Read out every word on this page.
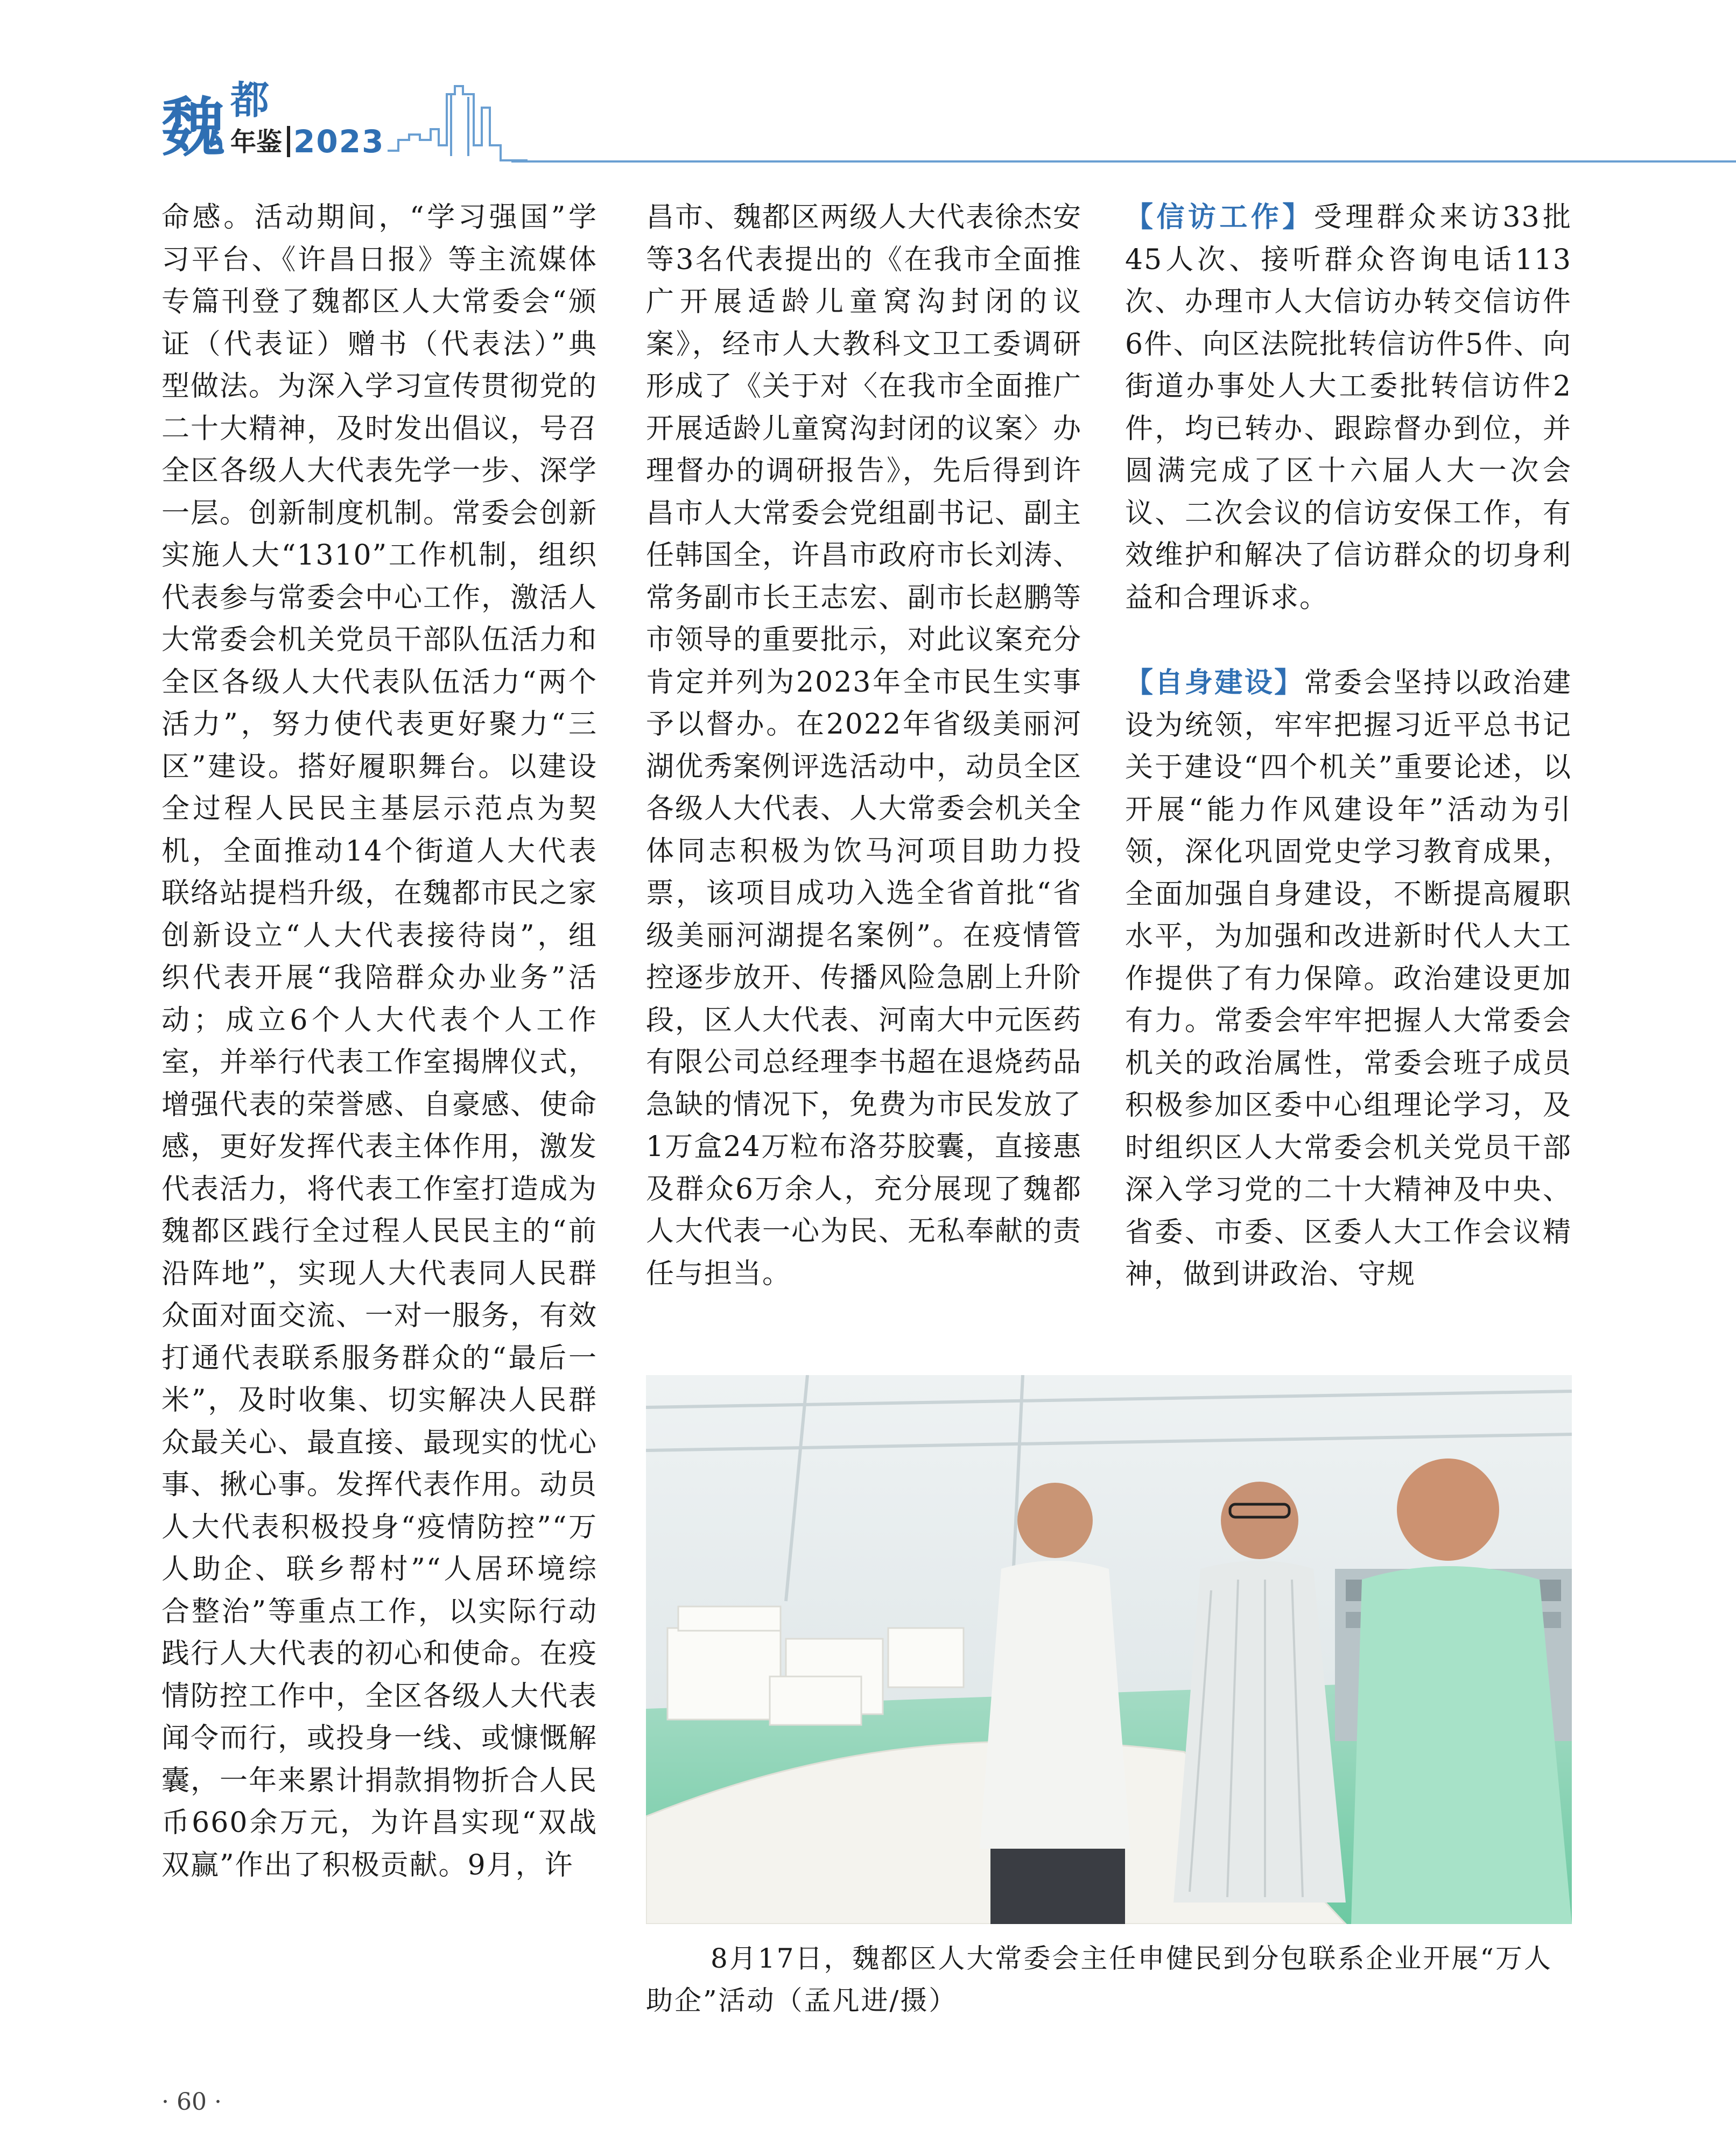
魏 都
年鉴 2023

命感。活动期间，“学习强国”学习平台、《许昌日报》等主流媒体专篇刊登了魏都区人大常委会“颁证（代表证）赠书（代表法）”典型做法。为深入学习宣传贯彻党的二十大精神，及时发出倡议，号召全区各级人大代表先学一步、深学一层。创新制度机制。常委会创新实施人大“1310”工作机制，组织代表参与常委会中心工作，激活人大常委会机关党员干部队伍活力和全区各级人大代表队伍活力“两个活力”，努力使代表更好聚力“三区”建设。搭好履职舞台。以建设全过程人民民主基层示范点为契机，全面推动14个街道人大代表联络站提档升级，在魏都市民之家创新设立“人大代表接待岗”，组织代表开展“我陪群众办业务”活动；成立6个人大代表个人工作室，并举行代表工作室揭牌仪式，增强代表的荣誉感、自豪感、使命感，更好发挥代表主体作用，激发代表活力，将代表工作室打造成为魏都区践行全过程人民民主的“前沿阵地”，实现人大代表同人民群众面对面交流、一对一服务，有效打通代表联系服务群众的“最后一米”，及时收集、切实解决人民群众最关心、最直接、最现实的忧心事、揪心事。发挥代表作用。动员人大代表积极投身“疫情防控”“万人助企、联乡帮村”“人居环境综合整治”等重点工作，以实际行动践行人大代表的初心和使命。在疫情防控工作中，全区各级人大代表闻令而行，或投身一线、或慷慨解囊，一年来累计捐款捐物折合人民币660余万元，为许昌实现“双战双赢”作出了积极贡献。9月，许

昌市、魏都区两级人大代表徐杰安等3名代表提出的《在我市全面推广开展适龄儿童窝沟封闭的议案》，经市人大教科文卫工委调研形成了《关于对〈在我市全面推广开展适龄儿童窝沟封闭的议案〉办理督办的调研报告》，先后得到许昌市人大常委会党组副书记、副主任韩国全，许昌市政府市长刘涛、常务副市长王志宏、副市长赵鹏等市领导的重要批示，对此议案充分肯定并列为2023年全市民生实事予以督办。在2022年省级美丽河湖优秀案例评选活动中，动员全区各级人大代表、人大常委会机关全体同志积极为饮马河项目助力投票，该项目成功入选全省首批“省级美丽河湖提名案例”。在疫情管控逐步放开、传播风险急剧上升阶段，区人大代表、河南大中元医药有限公司总经理李书超在退烧药品急缺的情况下，免费为市民发放了1万盒24万粒布洛芬胶囊，直接惠及群众6万余人，充分展现了魏都人大代表一心为民、无私奉献的责任与担当。

【信访工作】受理群众来访33批45人次、接听群众咨询电话113次、办理市人大信访办转交信访件6件、向区法院批转信访件5件、向街道办事处人大工委批转信访件2件，均已转办、跟踪督办到位，并圆满完成了区十六届人大一次会议、二次会议的信访安保工作，有效维护和解决了信访群众的切身利益和合理诉求。

【自身建设】常委会坚持以政治建设为统领，牢牢把握习近平总书记关于建设“四个机关”重要论述，以开展“能力作风建设年”活动为引领，深化巩固党史学习教育成果，全面加强自身建设，不断提高履职水平，为加强和改进新时代人大工作提供了有力保障。政治建设更加有力。常委会牢牢把握人大常委会机关的政治属性，常委会班子成员积极参加区委中心组理论学习，及时组织区人大常委会机关党员干部深入学习党的二十大精神及中央、省委、市委、区委人大工作会议精神，做到讲政治、守规

8月17日，魏都区人大常委会主任申健民到分包联系企业开展“万人
助企”活动（孟凡进/摄）
· 60 ·
